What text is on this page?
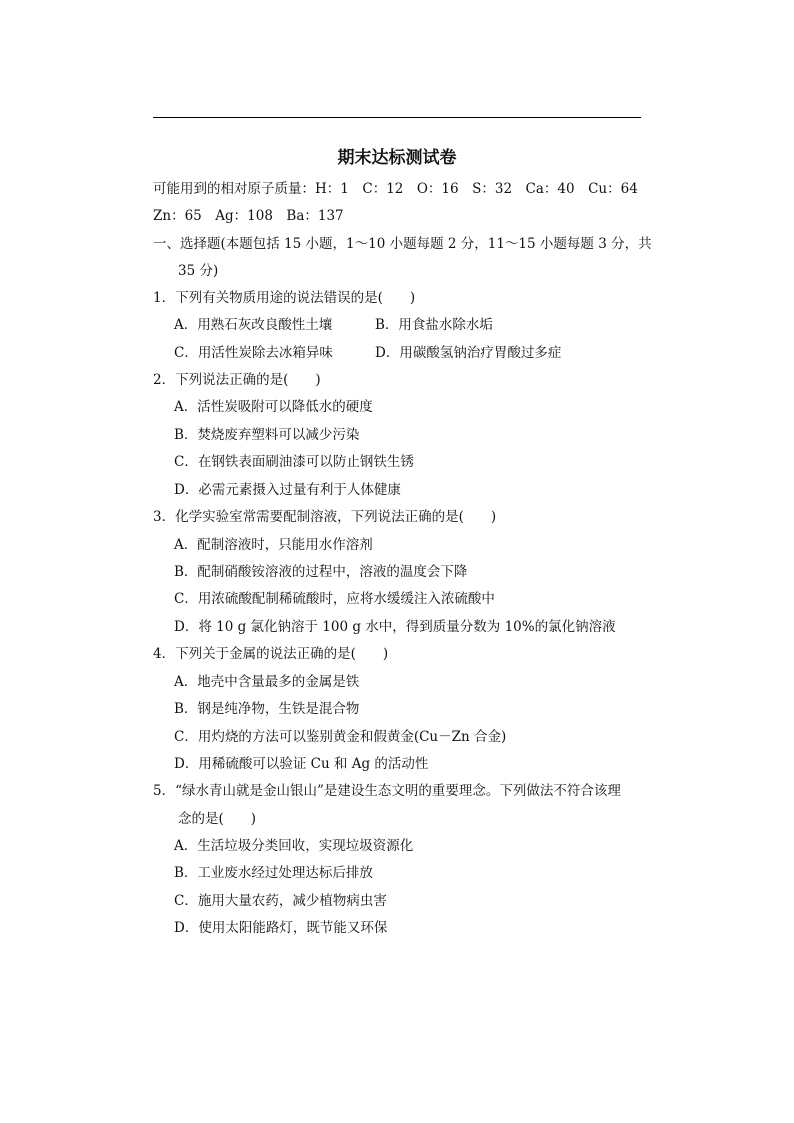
期末达标测试卷
可能用到的相对原子质量：H：1　C：12　O：16　S：32　Ca：40　Cu：64
Zn：65　Ag：108　Ba：137
一、选择题(本题包括 15 小题，1～10 小题每题 2 分，11～15 小题每题 3 分，共
35 分)
1．下列有关物质用途的说法错误的是(　　)
A．用熟石灰改良酸性土壤	B．用食盐水除水垢
C．用活性炭除去冰箱异味	D．用碳酸氢钠治疗胃酸过多症
2．下列说法正确的是(　　)
A．活性炭吸附可以降低水的硬度
B．焚烧废弃塑料可以减少污染
C．在钢铁表面刷油漆可以防止钢铁生锈
D．必需元素摄入过量有利于人体健康
3．化学实验室常需要配制溶液，下列说法正确的是(　　)
A．配制溶液时，只能用水作溶剂
B．配制硝酸铵溶液的过程中，溶液的温度会下降
C．用浓硫酸配制稀硫酸时，应将水缓缓注入浓硫酸中
D．将 10 g 氯化钠溶于 100 g 水中，得到质量分数为 10%的氯化钠溶液
4．下列关于金属的说法正确的是(　　)
A．地壳中含量最多的金属是铁
B．钢是纯净物，生铁是混合物
C．用灼烧的方法可以鉴别黄金和假黄金(Cu－Zn 合金)
D．用稀硫酸可以验证 Cu 和 Ag 的活动性
5．“绿水青山就是金山银山”是建设生态文明的重要理念。下列做法不符合该理
念的是(　　)
A．生活垃圾分类回收，实现垃圾资源化
B．工业废水经过处理达标后排放
C．施用大量农药，减少植物病虫害
D．使用太阳能路灯，既节能又环保
